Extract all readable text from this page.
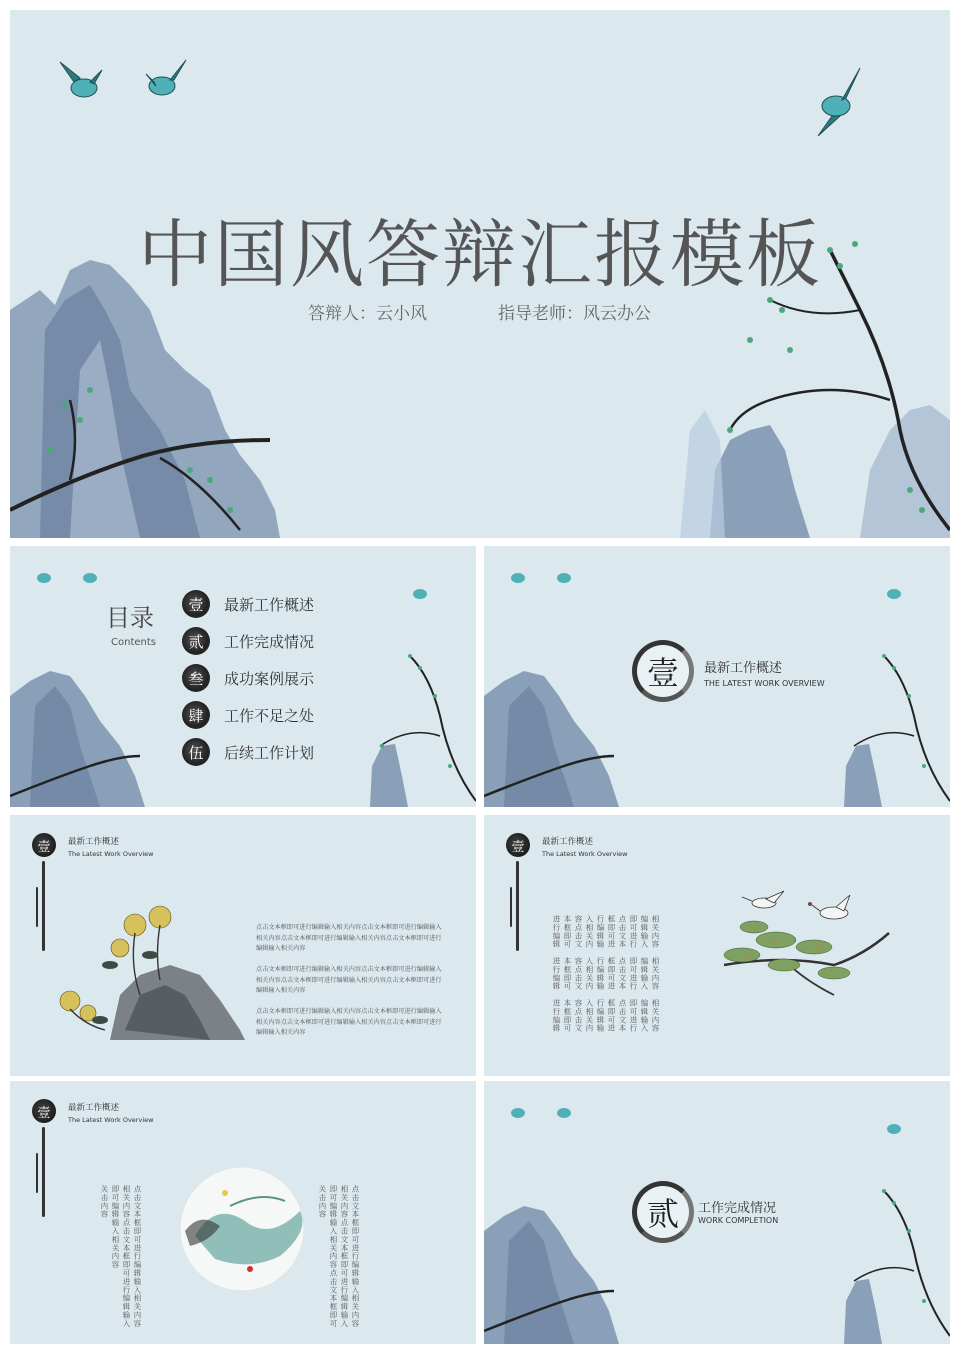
中国风答辩汇报模板
答辩人：云小风	指导老师：风云办公
目录
Contents
壹	最新工作概述
贰	工作完成情况
叁	成功案例展示
肆	工作不足之处
伍	后续工作计划
壹	最新工作概述
THE LATEST WORK OVERVIEW
壹	最新工作概述
The Latest Work Overview
点击文本框即可进行编辑输入相关内容点击文本框即可进行编辑输入相关内容点击文本框即可进行编辑输入相关内容点击文本框即可进行编辑输入相关内容
点击文本框即可进行编辑输入相关内容点击文本框即可进行编辑输入相关内容点击文本框即可进行编辑输入相关内容点击文本框即可进行编辑输入相关内容
点击文本框即可进行编辑输入相关内容点击文本框即可进行编辑输入相关内容点击文本框即可进行编辑输入相关内容点击文本框即可进行编辑输入相关内容
壹	最新工作概述
The Latest Work Overview
相关内容
编辑输入
即可进行
点击文本
框即可进
行编辑输
入相关内
容点击文
本框即可
进行编辑
相关内容
编辑输入
即可进行
点击文本
框即可进
行编辑输
入相关内
容点击文
本框即可
进行编辑
相关内容
编辑输入
即可进行
点击文本
框即可进
行编辑输
入相关内
容点击文
本框即可
进行编辑
壹	最新工作概述
The Latest Work Overview
点击文本框即可进行编辑输入相关内容
相关内容点击文本框即可进行编辑输入
即可编辑输入相关内容
关击内容	点击文本框即可进行编辑输入相关内容
相关内容点击文本框即可进行编辑输入
即可编辑输入相关内容点击文本框即可
关击内容	贰	工作完成情况
WORK COMPLETION
